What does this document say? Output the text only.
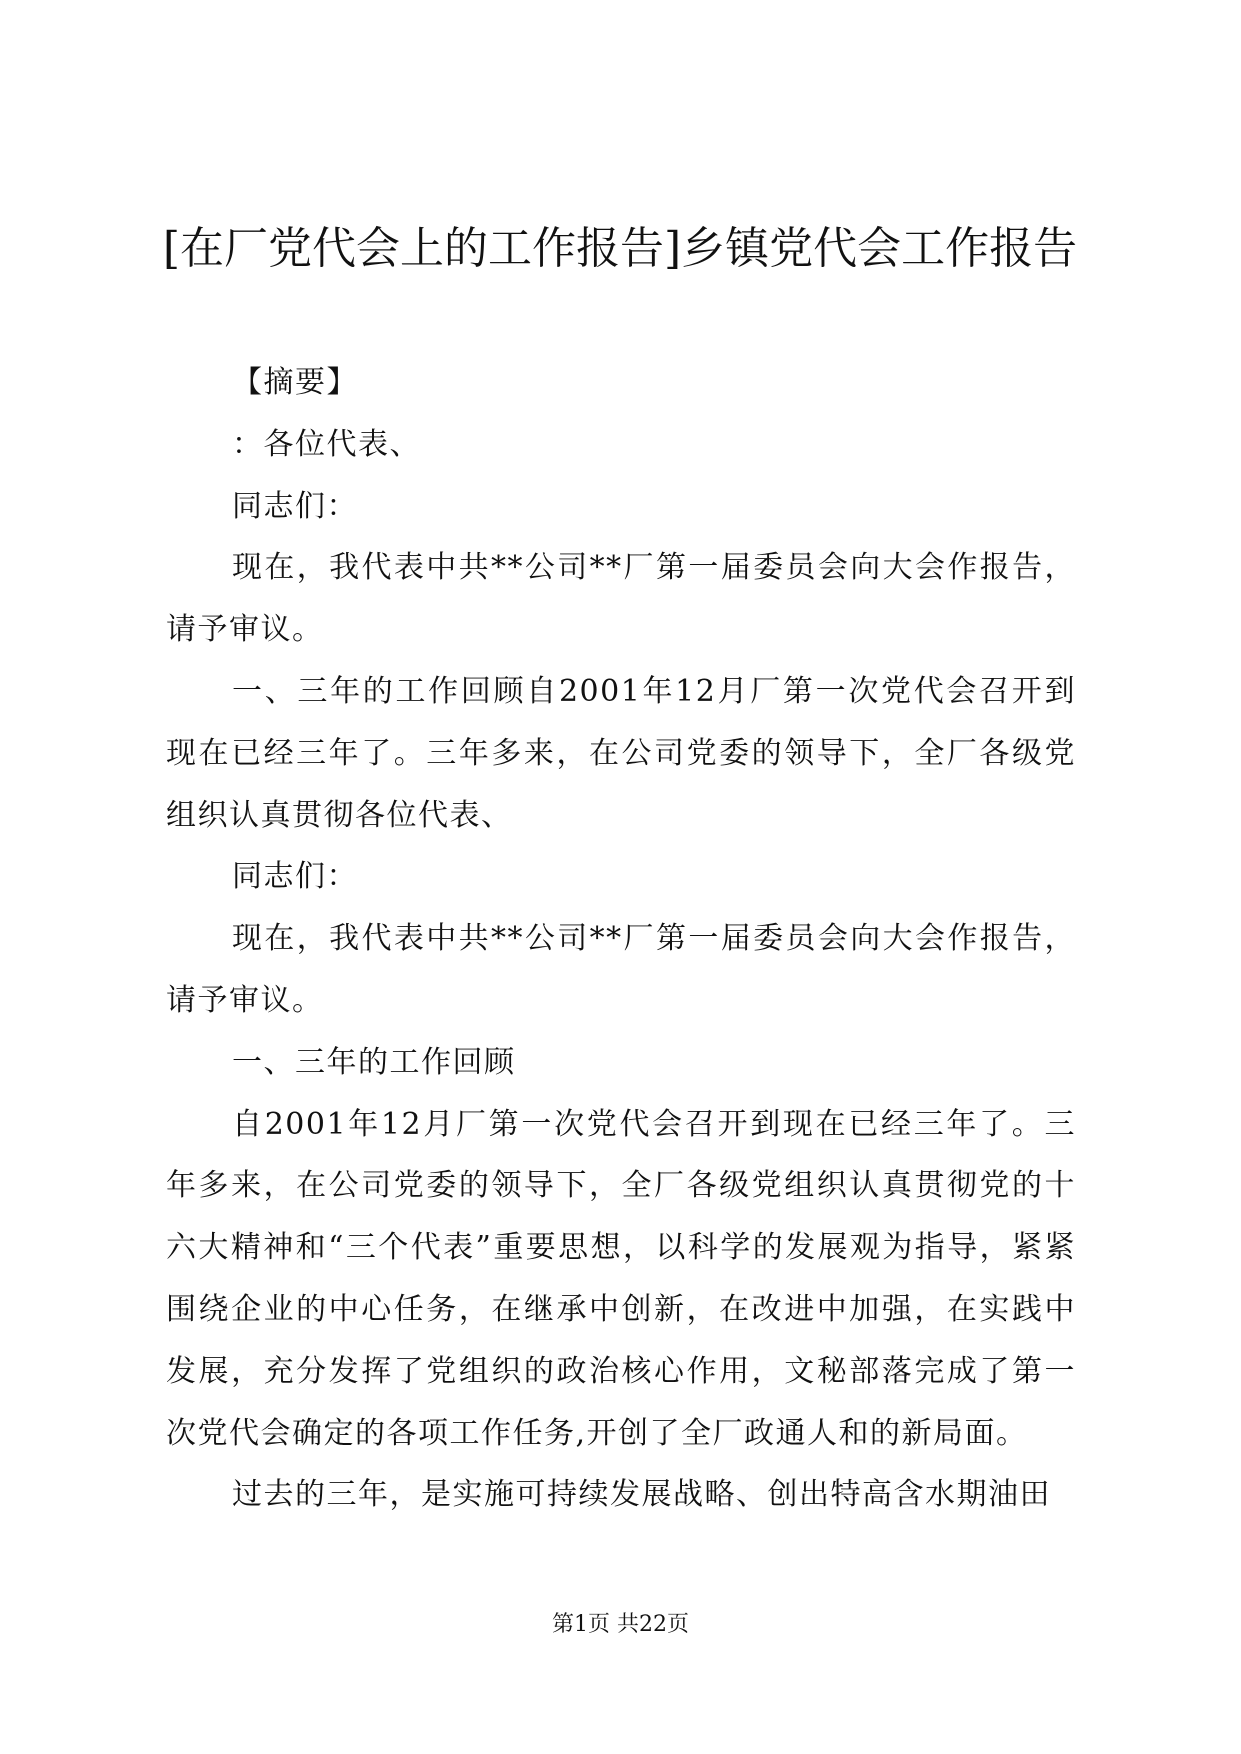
[在厂党代会上的工作报告]乡镇党代会工作报告

【摘要】

：各位代表、

同志们：

现在，我代表中共**公司**厂第一届委员会向大会作报告，请予审议。

一、三年的工作回顾自2001年12月厂第一次党代会召开到现在已经三年了。三年多来，在公司党委的领导下，全厂各级党组织认真贯彻各位代表、

同志们：

现在，我代表中共**公司**厂第一届委员会向大会作报告，请予审议。

一、三年的工作回顾

自2001年12月厂第一次党代会召开到现在已经三年了。三年多来，在公司党委的领导下，全厂各级党组织认真贯彻党的十六大精神和“三个代表”重要思想，以科学的发展观为指导，紧紧围绕企业的中心任务，在继承中创新，在改进中加强，在实践中发展，充分发挥了党组织的政治核心作用，文秘部落完成了第一次党代会确定的各项工作任务,开创了全厂政通人和的新局面。

过去的三年，是实施可持续发展战略、创出特高含水期油田

第1页 共22页
